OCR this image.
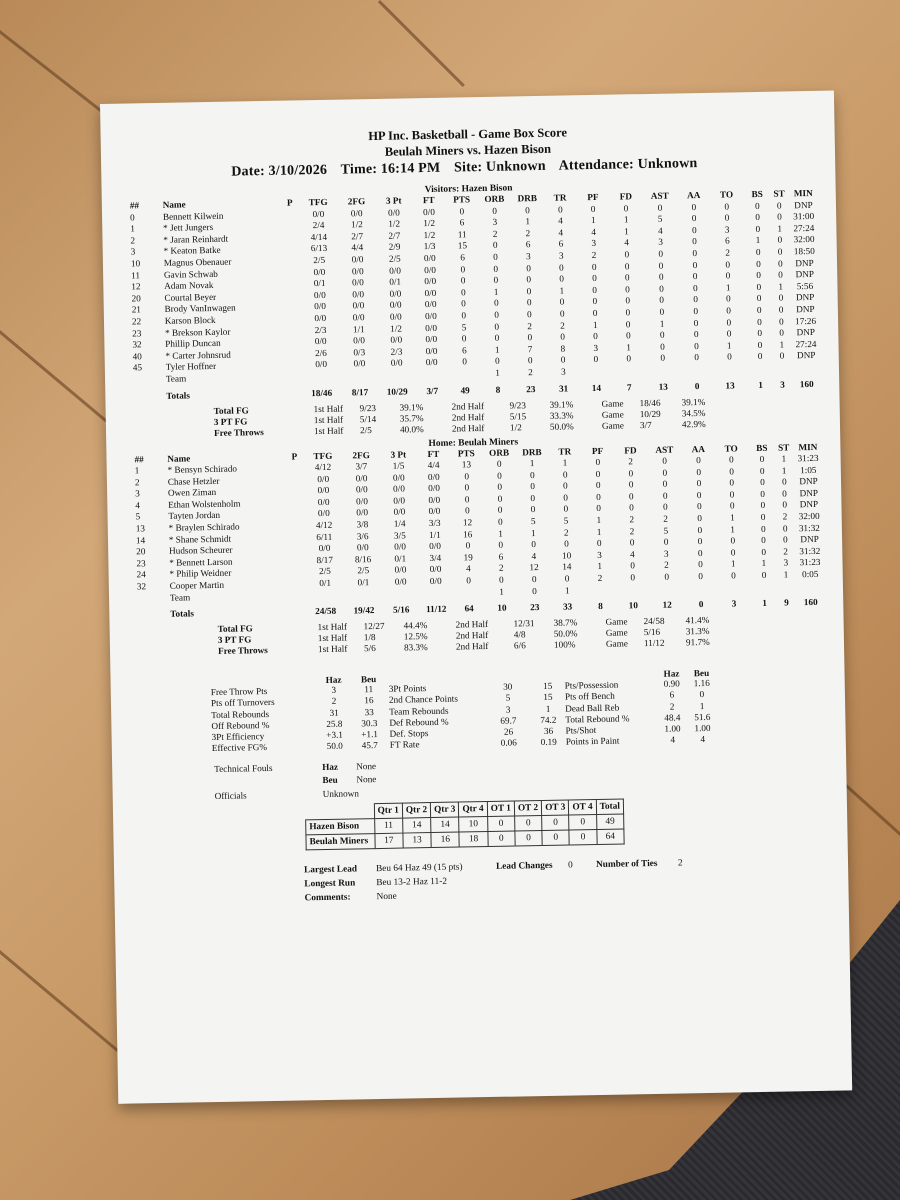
HP Inc. Basketball - Game Box Score
Beulah Miners vs. Hazen Bison
Date: 3/10/2026 Time: 16:14 PM Site: Unknown Attendance: Unknown
Visitors: Hazen Bison
##	Name	P	TFG	2FG	3 Pt	FT	PTS	ORB	DRB	TR	PF	FD	AST	AA	TO	BS	ST	MIN
0	Bennett Kilwein		0/0	0/0	0/0	0/0	0	0	0	0	0	0	0	0	0	0	0	DNP
1	* Jett Jungers		2/4	1/2	1/2	1/2	6	3	1	4	1	1	5	0	0	0	0	31:00
2	* Jaran Reinhardt		4/14	2/7	2/7	1/2	11	2	2	4	4	1	4	0	3	0	1	27:24
3	* Keaton Batke		6/13	4/4	2/9	1/3	15	0	6	6	3	4	3	0	6	1	0	32:00
10	Magnus Obenauer		2/5	0/0	2/5	0/0	6	0	3	3	2	0	0	0	2	0	0	18:50
11	Gavin Schwab		0/0	0/0	0/0	0/0	0	0	0	0	0	0	0	0	0	0	0	DNP
12	Adam Novak		0/1	0/0	0/1	0/0	0	0	0	0	0	0	0	0	0	0	0	DNP
20	Courtal Beyer		0/0	0/0	0/0	0/0	0	1	0	1	0	0	0	0	1	0	1	5:56
21	Brody VanInwagen		0/0	0/0	0/0	0/0	0	0	0	0	0	0	0	0	0	0	0	DNP
22	Karson Block		0/0	0/0	0/0	0/0	0	0	0	0	0	0	0	0	0	0	0	DNP
23	* Brekson Kaylor		2/3	1/1	1/2	0/0	5	0	2	2	1	0	1	0	0	0	0	17:26
32	Phillip Duncan		0/0	0/0	0/0	0/0	0	0	0	0	0	0	0	0	0	0	0	DNP
40	* Carter Johnsrud		2/6	0/3	2/3	0/0	6	1	7	8	3	1	0	0	1	0	1	27:24
45	Tyler Hoffner		0/0	0/0	0/0	0/0	0	0	0	0	0	0	0	0	0	0	0	DNP
	Team							1	2	3								
	Totals		18/46	8/17	10/29	3/7	49	8	23	31	14	7	13	0	13	1	3	160
Total FG	1st Half	9/23	39.1%	2nd Half	9/23	39.1%	Game	18/46	39.1%
3 PT FG	1st Half	5/14	35.7%	2nd Half	5/15	33.3%	Game	10/29	34.5%
Free Throws	1st Half	2/5	40.0%	2nd Half	1/2	50.0%	Game	3/7	42.9%
Home: Beulah Miners
##	Name	P	TFG	2FG	3 Pt	FT	PTS	ORB	DRB	TR	PF	FD	AST	AA	TO	BS	ST	MIN
1	* Bensyn Schirado		4/12	3/7	1/5	4/4	13	0	1	1	0	2	0	0	0	0	1	31:23
2	Chase Hetzler		0/0	0/0	0/0	0/0	0	0	0	0	0	0	0	0	0	0	1	1:05
3	Owen Ziman		0/0	0/0	0/0	0/0	0	0	0	0	0	0	0	0	0	0	0	DNP
4	Ethan Wolstenholm		0/0	0/0	0/0	0/0	0	0	0	0	0	0	0	0	0	0	0	DNP
5	Tayten Jordan		0/0	0/0	0/0	0/0	0	0	0	0	0	0	0	0	0	0	0	DNP
13	* Braylen Schirado		4/12	3/8	1/4	3/3	12	0	5	5	1	2	2	0	1	0	2	32:00
14	* Shane Schmidt		6/11	3/6	3/5	1/1	16	1	1	2	1	2	5	0	1	0	0	31:32
20	Hudson Scheurer		0/0	0/0	0/0	0/0	0	0	0	0	0	0	0	0	0	0	0	DNP
23	* Bennett Larson		8/17	8/16	0/1	3/4	19	6	4	10	3	4	3	0	0	0	2	31:32
24	* Philip Weidner		2/5	2/5	0/0	0/0	4	2	12	14	1	0	2	0	1	1	3	31:23
32	Cooper Martin		0/1	0/1	0/0	0/0	0	0	0	0	2	0	0	0	0	0	1	0:05
	Team							1	0	1								
	Totals		24/58	19/42	5/16	11/12	64	10	23	33	8	10	12	0	3	1	9	160
Total FG	1st Half	12/27	44.4%	2nd Half	12/31	38.7%	Game	24/58	41.4%
3 PT FG	1st Half	1/8	12.5%	2nd Half	4/8	50.0%	Game	5/16	31.3%
Free Throws	1st Half	5/6	83.3%	2nd Half	6/6	100%	Game	11/12	91.7%
	Haz	Beu					Haz	Beu
Free Throw Pts	3	11	3Pt Points	30	15	Pts/Possession	0.90	1.16
Pts off Turnovers	2	16	2nd Chance Points	5	15	Pts off Bench	6	0
Total Rebounds	31	33	Team Rebounds	3	1	Dead Ball Reb	2	1
Off Rebound %	25.8	30.3	Def Rebound %	69.7	74.2	Total Rebound %	48.4	51.6
3Pt Efficiency	+3.1	+1.1	Def. Stops	26	36	Pts/Shot	1.00	1.00
Effective FG%	50.0	45.7	FT Rate	0.06	0.19	Points in Paint	4	4
Technical Fouls	Haz	None
	Beu	None
Officials	Unknown	
	Qtr 1	Qtr 2	Qtr 3	Qtr 4	OT 1	OT 2	OT 3	OT 4	Total
Hazen Bison	11	14	14	10	0	0	0	0	49
Beulah Miners	17	13	16	18	0	0	0	0	64
Largest Lead	Beu 64 Haz 49 (15 pts)	Lead Changes	0	Number of Ties	2
Longest Run	Beu 13-2 Haz 11-2				
Comments:	None				
